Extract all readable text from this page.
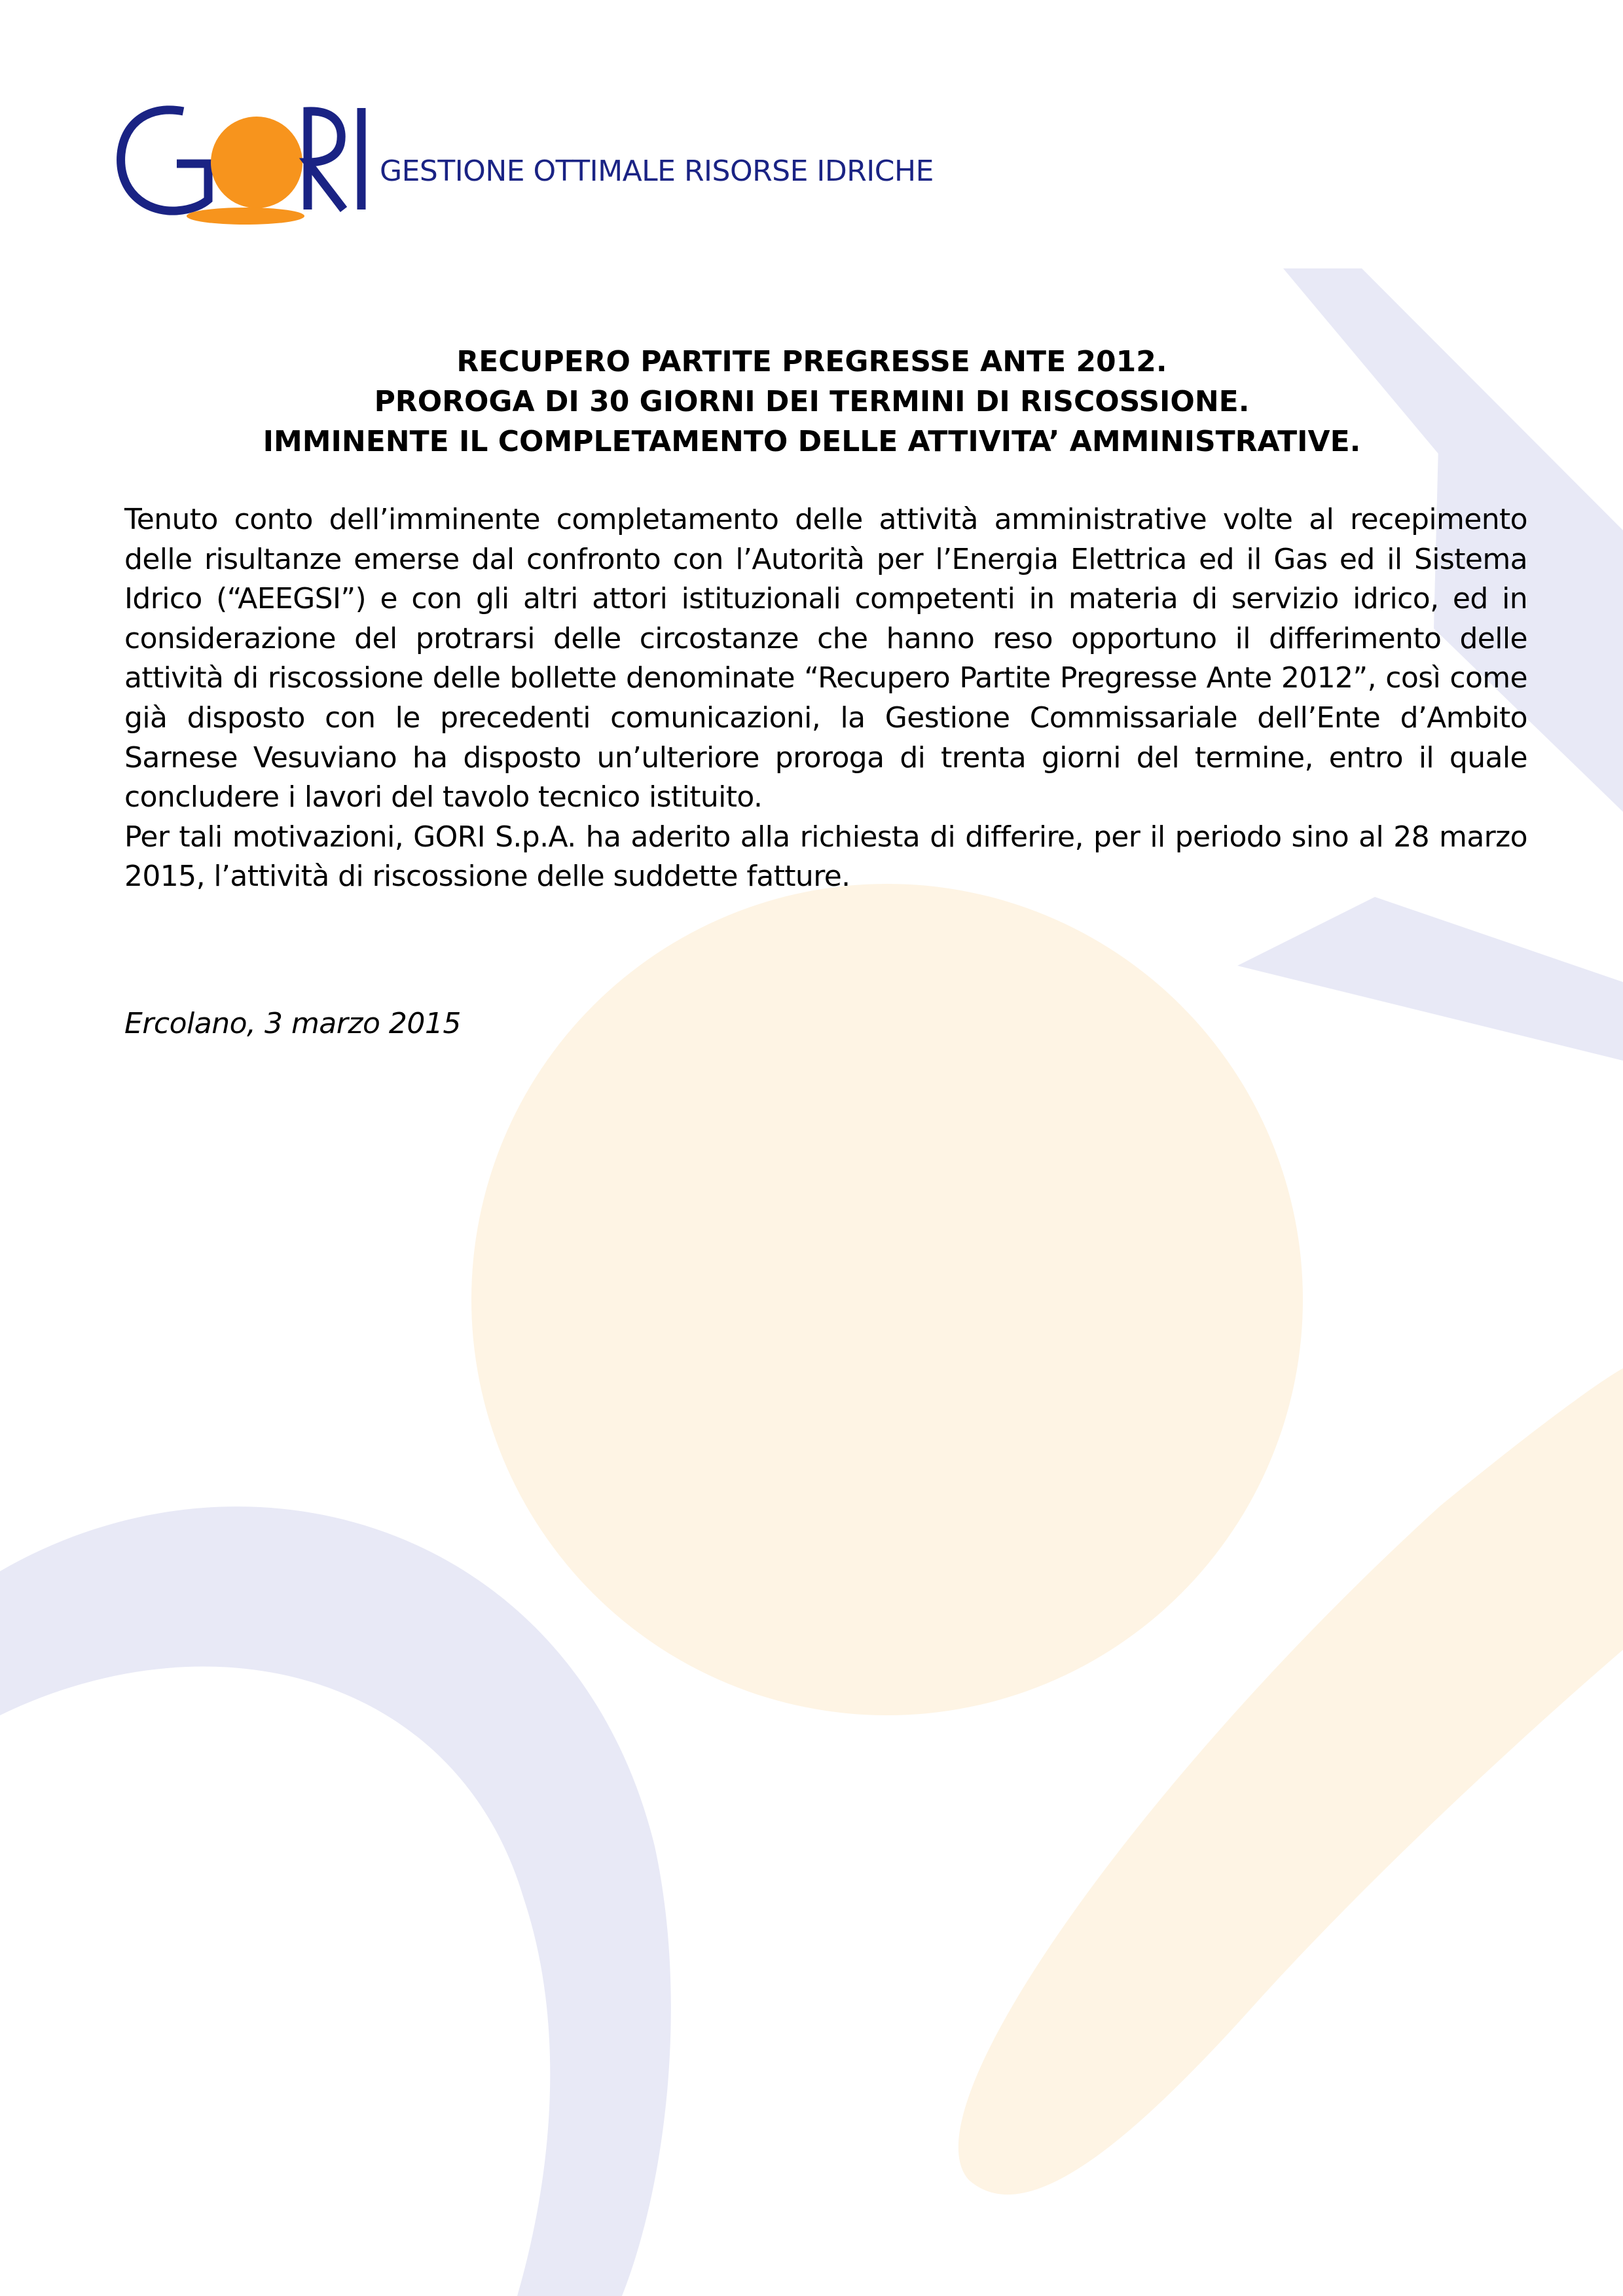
GESTIONE OTTIMALE RISORSE IDRICHE
RECUPERO PARTITE PREGRESSE ANTE 2012.
PROROGA DI 30 GIORNI DEI TERMINI DI RISCOSSIONE.
IMMINENTE IL COMPLETAMENTO DELLE ATTIVITA’ AMMINISTRATIVE.

Tenuto conto dell’imminente completamento delle attività amministrative volte al recepimento delle risultanze emerse dal confronto con l’Autorità per l’Energia Elettrica ed il Gas ed il Sistema Idrico (“AEEGSI”) e con gli altri attori istituzionali competenti in materia di servizio idrico, ed in considerazione del protrarsi delle circostanze che hanno reso opportuno il differimento delle attività di riscossione delle bollette denominate “Recupero Partite Pregresse Ante 2012”, così come già disposto con le precedenti comunicazioni, la Gestione Commissariale dell’Ente d’Ambito Sarnese Vesuviano ha disposto un’ulteriore proroga di trenta giorni del termine, entro il quale concludere i lavori del tavolo tecnico istituito.

Per tali motivazioni, GORI S.p.A. ha aderito alla richiesta di differire, per il periodo sino al 28 marzo 2015, l’attività di riscossione delle suddette fatture.

Ercolano, 3 marzo 2015
